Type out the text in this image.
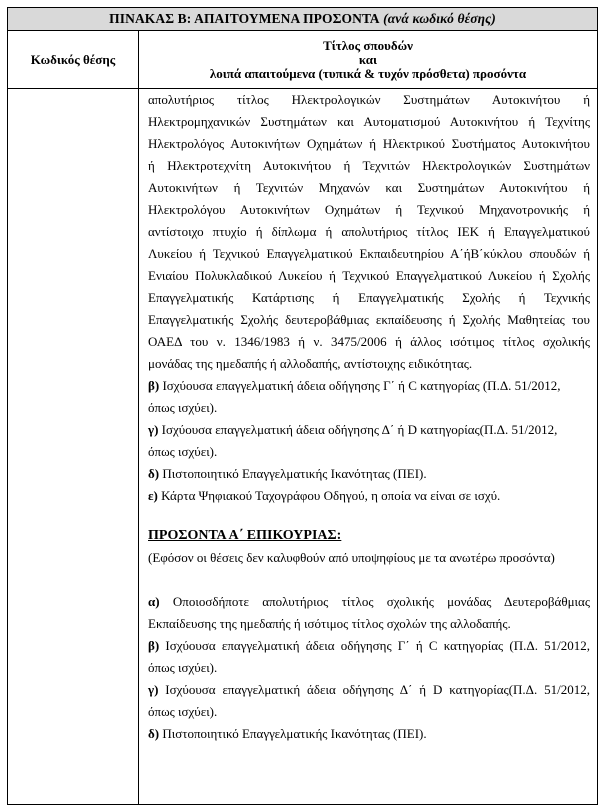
ΠΙΝΑΚΑΣ Β: ΑΠΑΙΤΟΥΜΕΝΑ ΠΡΟΣΟΝΤΑ
(ανά κωδικό θέσης)
Κωδικός θέσης
Τίτλος σπουδών
και
λοιπά απαιτούμενα (τυπικά & τυχόν πρόσθετα) προσόντα
απολυτήριος τίτλος Ηλεκτρολογικών Συστημάτων Αυτοκινήτου ή
Ηλεκτρομηχανικών Συστημάτων και Αυτοματισμού Αυτοκινήτου ή Τεχνίτης
Ηλεκτρολόγος Αυτοκινήτων Οχημάτων ή Ηλεκτρικού Συστήματος Αυτοκινήτου
ή Ηλεκτροτεχνίτη Αυτοκινήτου ή Τεχνιτών Ηλεκτρολογικών Συστημάτων
Αυτοκινήτων ή Τεχνιτών Μηχανών και Συστημάτων Αυτοκινήτου ή
Ηλεκτρολόγου Αυτοκινήτων Οχημάτων ή Τεχνικού Μηχανοτρονικής ή
αντίστοιχο πτυχίο ή δίπλωμα ή απολυτήριος τίτλος ΙΕΚ ή Επαγγελματικού
Λυκείου ή Τεχνικού Επαγγελματικού Εκπαιδευτηρίου Α΄ήΒ΄κύκλου σπουδών ή
Ενιαίου Πολυκλαδικού Λυκείου ή Τεχνικού Επαγγελματικού Λυκείου ή Σχολής
Επαγγελματικής Κατάρτισης ή Επαγγελματικής Σχολής ή Τεχνικής
Επαγγελματικής Σχολής δευτεροβάθμιας εκπαίδευσης ή Σχολής Μαθητείας του
ΟΑΕΔ του ν. 1346/1983 ή ν. 3475/2006 ή άλλος ισότιμος τίτλος σχολικής
μονάδας της ημεδαπής ή αλλοδαπής, αντίστοιχης ειδικότητας.
β) Ισχύουσα επαγγελματική άδεια οδήγησης Γ΄ ή C κατηγορίας (Π.Δ. 51/2012,
όπως ισχύει).
γ) Ισχύουσα επαγγελματική άδεια οδήγησης Δ΄ ή D κατηγορίας(Π.Δ. 51/2012,
όπως ισχύει).
δ) Πιστοποιητικό Επαγγελματικής Ικανότητας (ΠΕΙ).
ε) Κάρτα Ψηφιακού Ταχογράφου Οδηγού, η οποία να είναι σε ισχύ.
ΠΡΟΣΟΝΤΑ Α΄ ΕΠΙΚΟΥΡΙΑΣ:
(Εφόσον οι θέσεις δεν καλυφθούν από υποψηφίους με τα ανωτέρω προσόντα)
α) Οποιοσδήποτε απολυτήριος τίτλος σχολικής μονάδας Δευτεροβάθμιας
Εκπαίδευσης της ημεδαπής ή ισότιμος τίτλος σχολών της αλλοδαπής.
β) Ισχύουσα επαγγελματική άδεια οδήγησης Γ΄ ή C κατηγορίας (Π.Δ. 51/2012,
όπως ισχύει).
γ) Ισχύουσα επαγγελματική άδεια οδήγησης Δ΄ ή D κατηγορίας(Π.Δ. 51/2012,
όπως ισχύει).
δ) Πιστοποιητικό Επαγγελματικής Ικανότητας (ΠΕΙ).
